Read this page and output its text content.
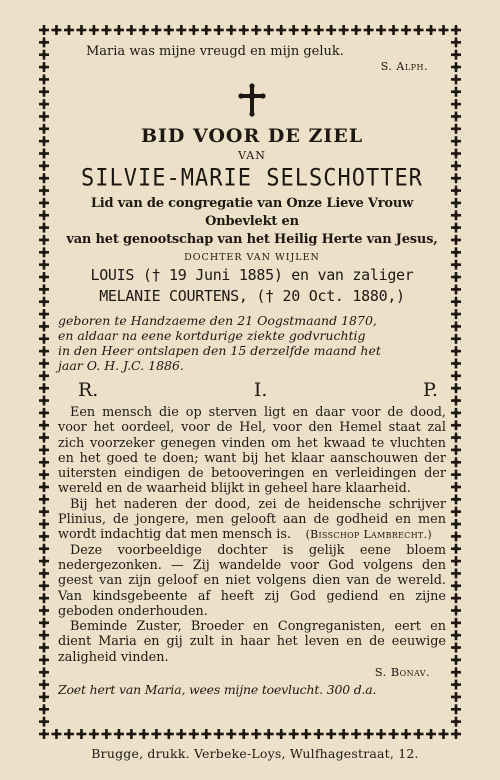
Maria was mijne vreugd en mijn geluk.
S. Alph.
BID VOOR DE ZIEL
VAN
SILVIE-MARIE SELSCHOTTER
Lid van de congregatie van Onze Lieve Vrouw Onbevlekt en
van het genootschap van het Heilig Herte van Jesus,
DOCHTER VAN WIJLEN
LOUIS († 19 Juni 1885) en van zaliger
MELANIE COURTENS, († 20 Oct. 1880,)
geboren te Handzaeme den 21 Oogstmaand 1870,
en aldaar na eene kortdurige ziekte godvruchtig
in den Heer ontslapen den 15 derzelfde maand het
jaar O. H. J.C. 1886.
R.	I.	P.

Een mensch die op sterven ligt en daar voor de dood, voor het oordeel, voor de Hel, voor den Hemel staat zal zich voorzeker genegen vinden om het kwaad te vluchten en het goed te doen; want bij het klaar aanschouwen der uitersten eindigen de betooveringen en verleidingen der wereld en de waarheid blijkt in geheel hare klaarheid.

Bij het naderen der dood, zei de heidensche schrijver Plinius, de jongere, men gelooft aan de godheid en men wordt indachtig dat men mensch is.	(Bisschop Lambrecht.)

Deze voorbeeldige dochter is gelijk eene bloem nedergezonken. — Zij wandelde voor God volgens den geest van zijn geloof en niet volgens dien van de wereld. Van kindsgebeente af heeft zij God gediend en zijne geboden onderhouden.

Beminde Zuster, Broeder en Congreganisten, eert en dient Maria en gij zult in haar het leven en de eeuwige zaligheid vinden.

S. Bonav.
Zoet hert van Maria, wees mijne toevlucht. 300 d.a.
Brugge, drukk. Verbeke-Loys, Wulfhagestraat, 12.
